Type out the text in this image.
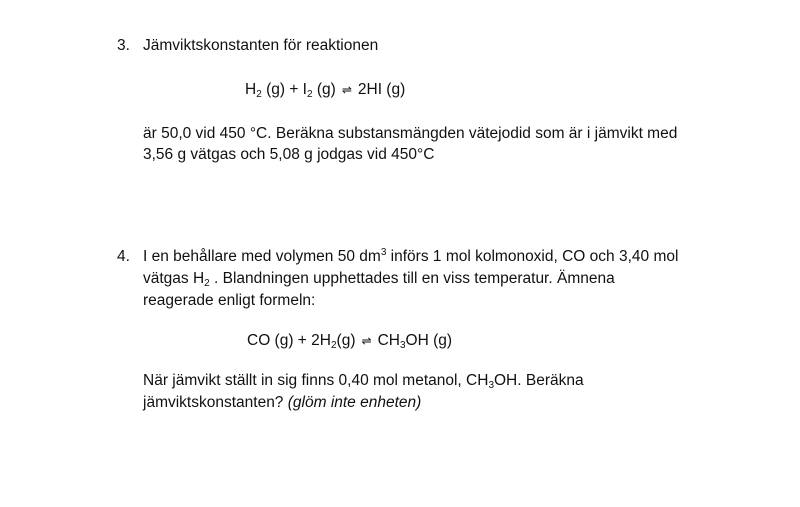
3. Jämviktskonstanten för reaktionen
$H_2$ $(g) + I_2$ (g) ⇌ 2HI (g)
är 50,0 vid 450 °C. Beräkna substansmängden vätejodid som är i jämvikt med
3,56 g vätgas och 5,08 g jodgas vid 450°C
4. I en behållare med volymen 50 $dm^3$ införs 1 mol kolmonoxid, CO och 3,40 mol
vätgas $H_2$ . Blandningen upphettades till en viss temperatur. Ämnena
reagerade enligt formeln:
CO $(g) + 2H_2(g)$ ⇌ $CH_3OH$ (g)
När jämvikt ställt in sig finns 0,40 mol metanol, $CH_3OH$. Beräkna
jämviktskonstanten? (glöm inte enheten)
